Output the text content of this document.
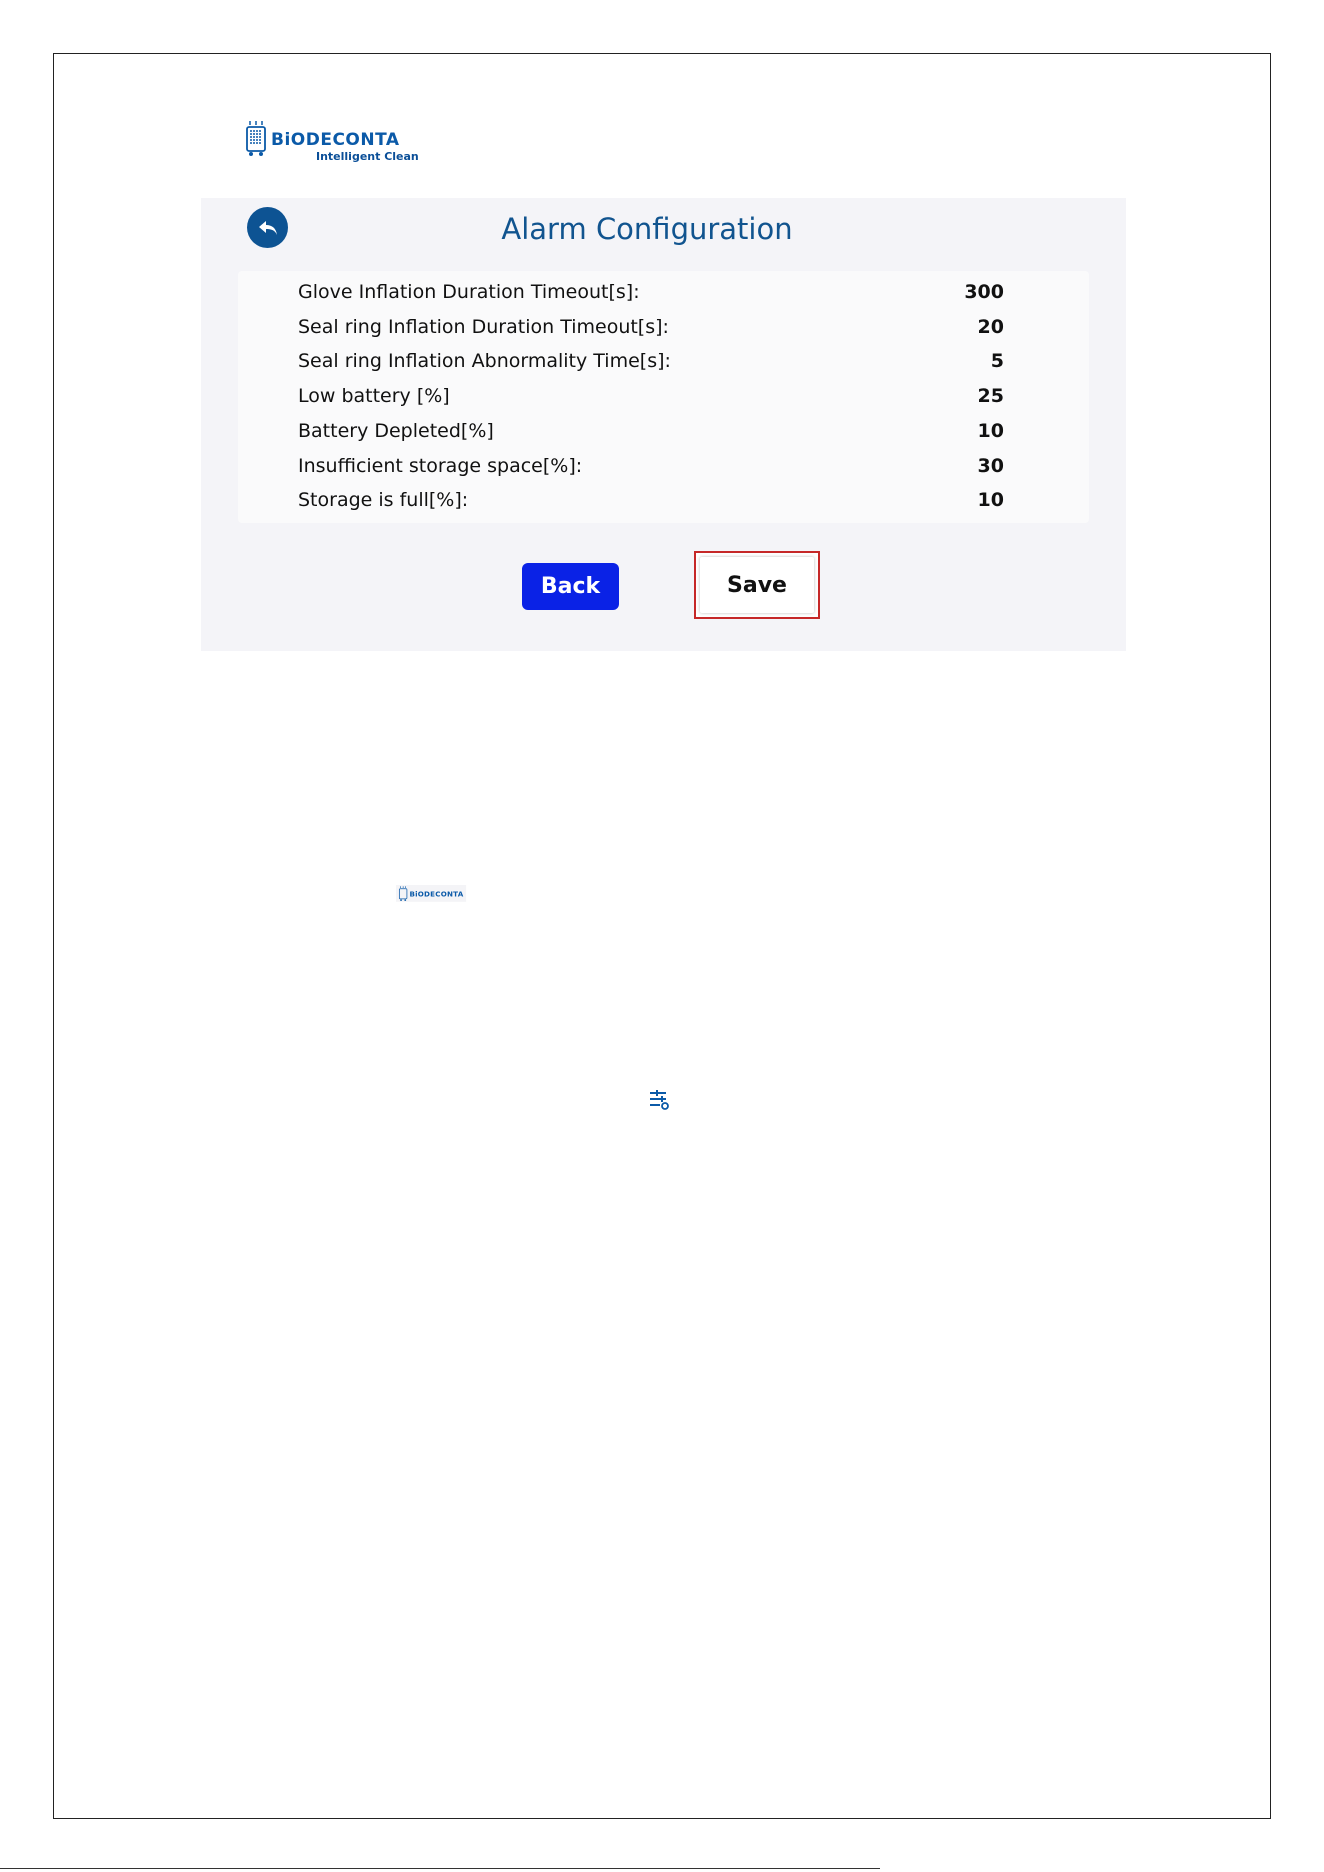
BiODECONTA
Intelligent Clean
Alarm Configuration
Glove Inflation Duration Timeout[s]:	300
Seal ring Inflation Duration Timeout[s]:	20
Seal ring Inflation Abnormality Time[s]:	5
Low battery [%]	25
Battery Depleted[%]	10
Insufficient storage space[%]:	30
Storage is full[%]:	10
Back	Save
BiODECONTA
